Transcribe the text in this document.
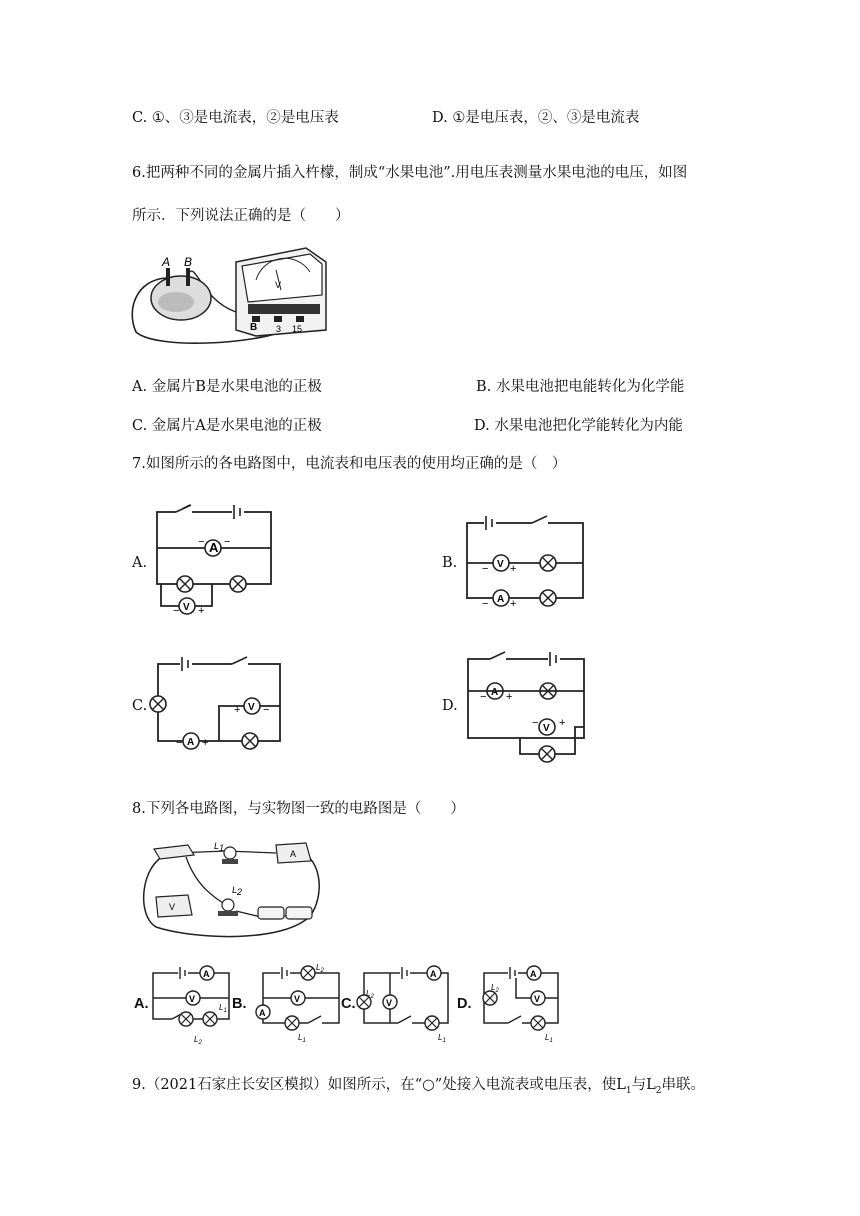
C. ①、③是电流表，②是电压表	D. ①是电压表，②、③是电流表
6.把两种不同的金属片插入杵檬，制成“水果电池”.用电压表测量水果电池的电压，如图
所示．下列说法正确的是（　　）
A B
V
B 3 15
A. 金属片B是水果电池的正极	B. 水果电池把电能转化为化学能
C. 金属片A是水果电池的正极	D. 水果电池把化学能转化为内能
7.如图所示的各电路图中，电流表和电压表的使用均正确的是（　）
A
V
V
A
V
A
A
V
− −
− +
− +
− +
+ −
− +
− +
− +
A.	B.
C.	D.
8.下列各电路图，与实物图一致的电路图是（　　）
L1
A
V
L2
A
V	V
A
A
V
A
V
$L_1$
$L_2$
$L_2$
$L_1$
$L_2$
$L_1$
$L_2$
$L_1$
A.	B.	C.	D.
9.（2021石家庄长安区模拟）如图所示，在“○”处接入电流表或电压表，使$L_1$与$L_2$串联。
